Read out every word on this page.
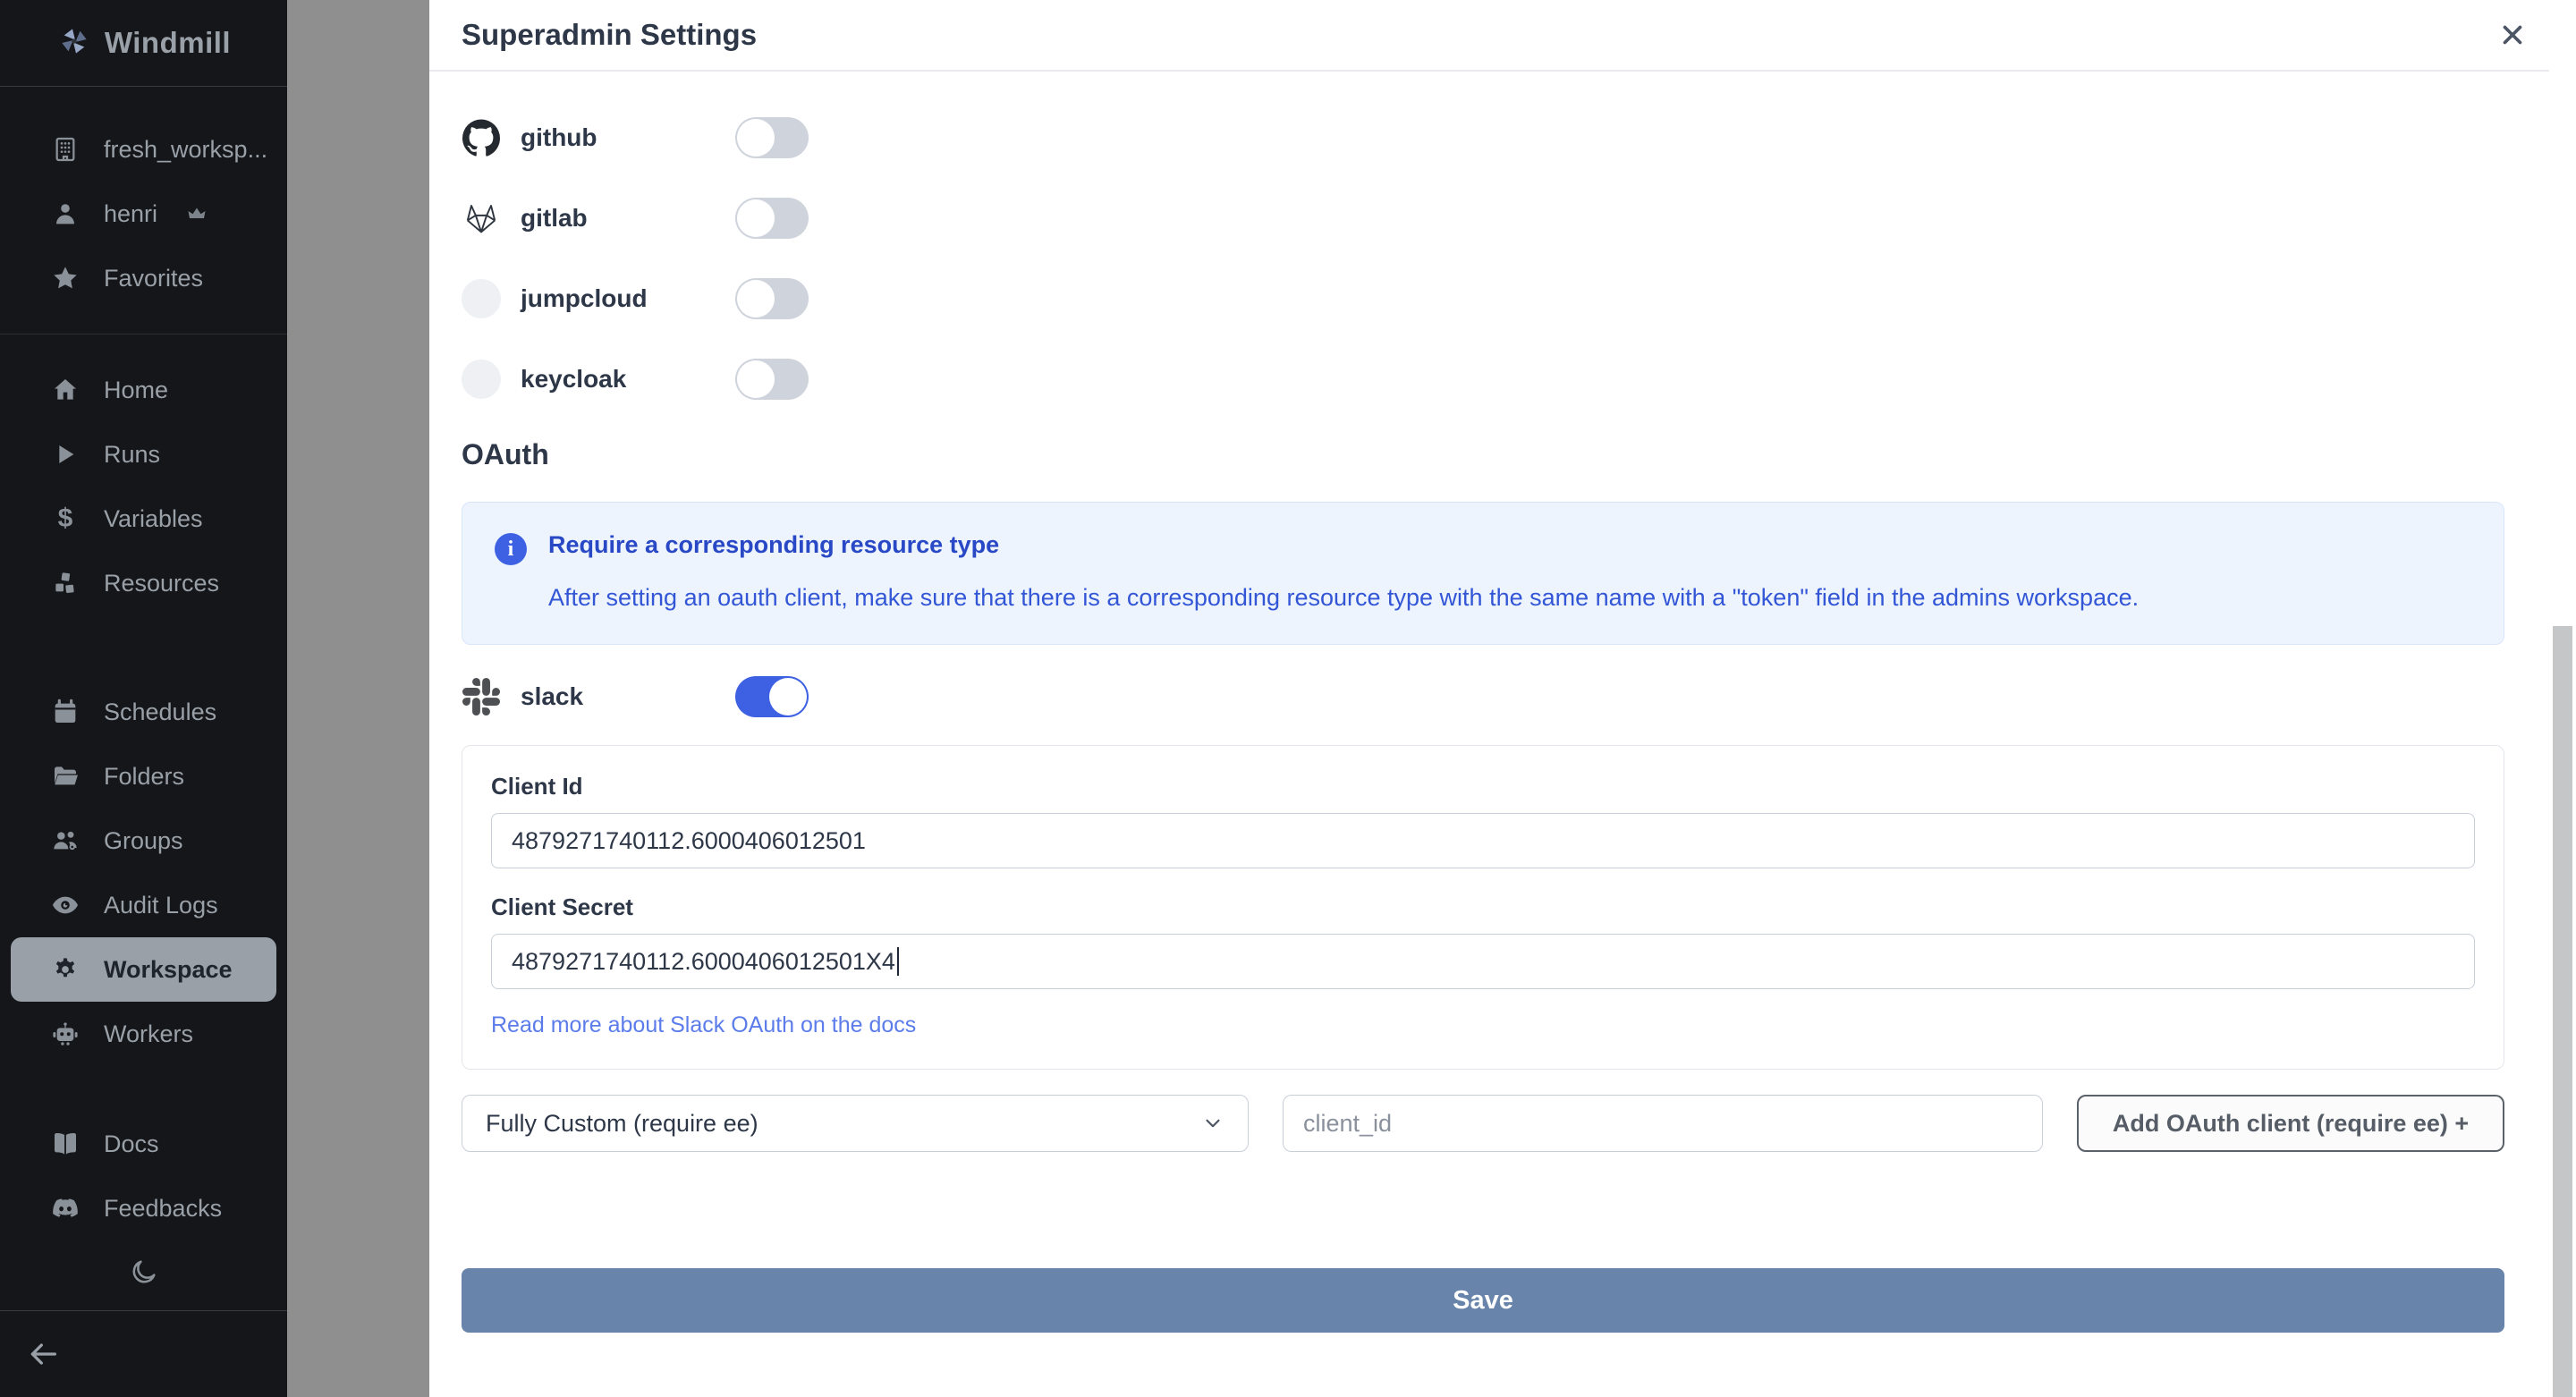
Windmill
fresh_worksp...
henri
Favorites
Home
Runs
$ Variables
Resources
Schedules
Folders
Groups
Audit Logs
Workspace
Workers
Docs
Feedbacks
Superadmin Settings
github
gitlab
jumpcloud
keycloak
OAuth
i	Require a corresponding resource type
After setting an oauth client, make sure that there is a corresponding resource type with the same name with a "token" field in the admins workspace.
slack
Client Id
4879271740112.6000406012501
Client Secret
4879271740112.6000406012501X4
Read more about Slack OAuth on the docs
Fully Custom (require ee)
client_id	Add OAuth client (require ee) +
Save
